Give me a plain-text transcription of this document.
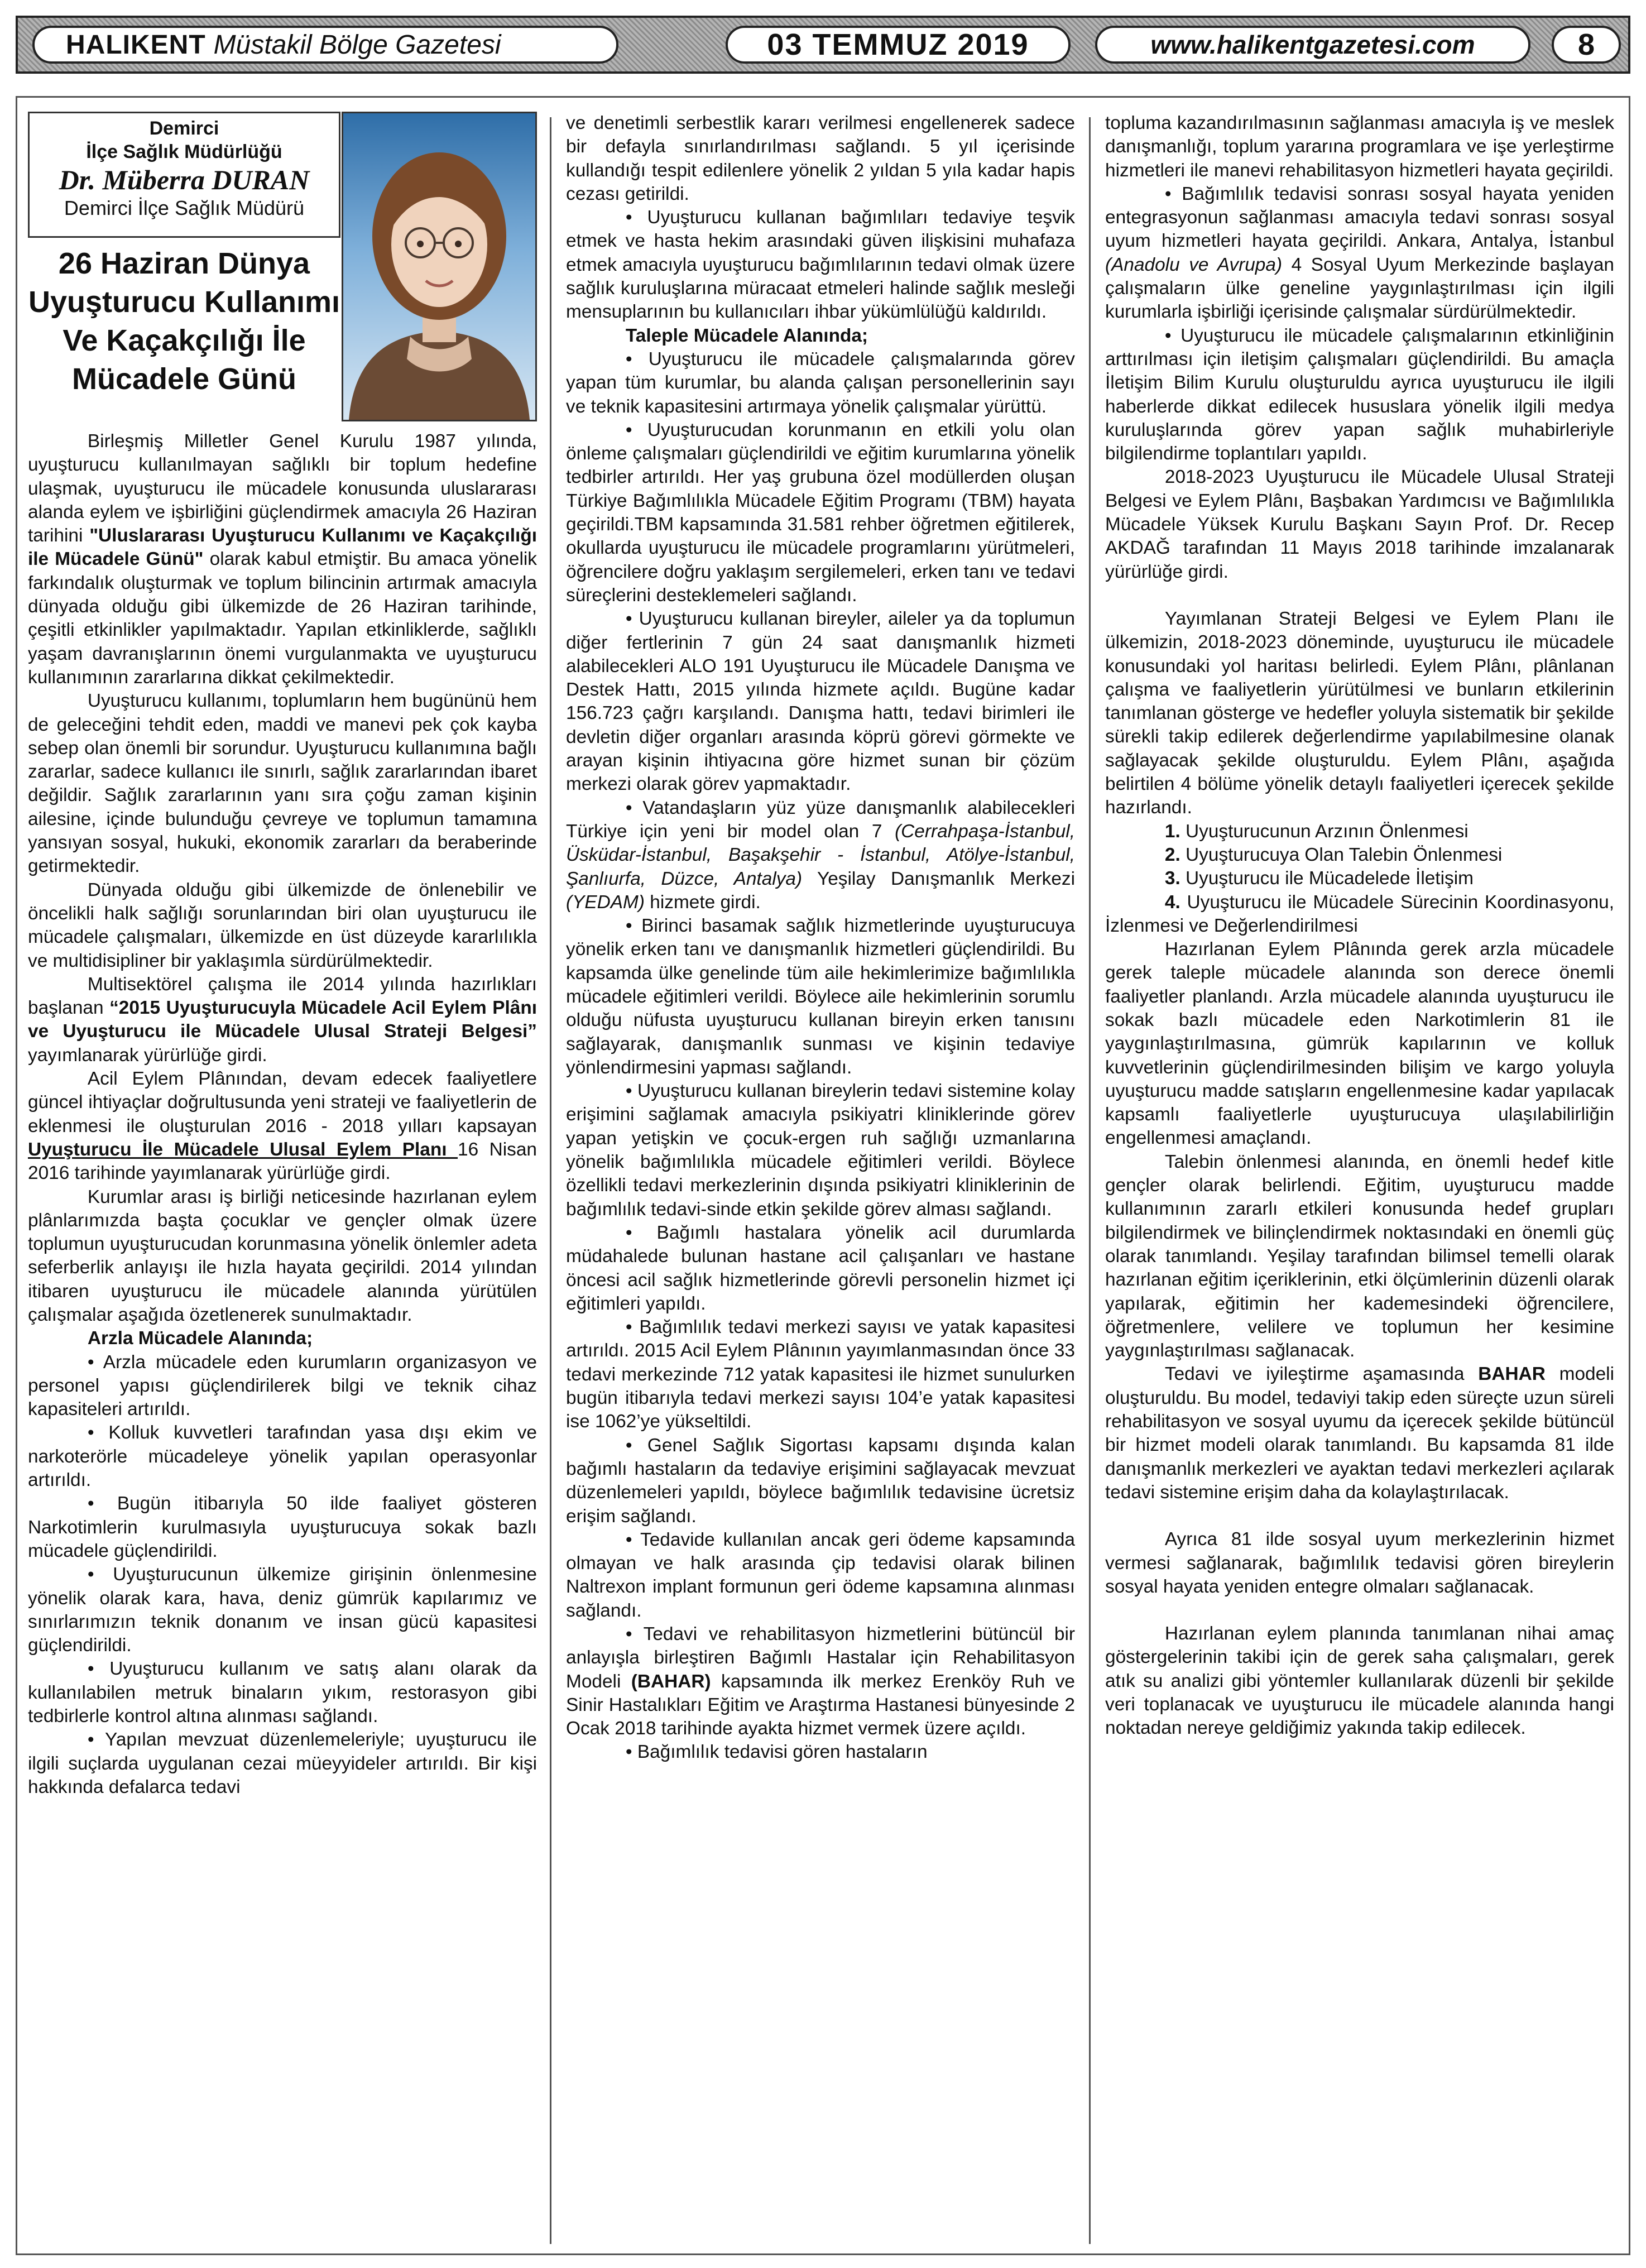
HALIKENT Müstakil Bölge Gazetesi	03 TEMMUZ 2019	www.halikentgazetesi.com	8
Demirci
İlçe Sağlık Müdürlüğü
Dr. Müberra DURAN
Demirci İlçe Sağlık Müdürü
26 Haziran Dünya Uyuşturucu Kullanımı Ve Kaçakçılığı İle Mücadele Günü

Birleşmiş Milletler Genel Kurulu 1987 yılında, uyuşturucu kullanılmayan sağlıklı bir toplum hedefine ulaşmak, uyuşturucu ile mücadele konusunda uluslararası alanda eylem ve işbirliğini güçlendirmek amacıyla 26 Haziran tarihini "Uluslararası Uyuşturucu Kullanımı ve Kaçakçılığı ile Mücadele Günü" olarak kabul etmiştir. Bu amaca yönelik farkındalık oluşturmak ve toplum bilincinin artırmak amacıyla dünyada olduğu gibi ülkemizde de 26 Haziran tarihinde, çeşitli etkinlikler yapılmaktadır. Yapılan etkinliklerde, sağlıklı yaşam davranışlarının önemi vurgulanmakta ve uyuşturucu kullanımının zararlarına dikkat çekilmektedir.

Uyuşturucu kullanımı, toplumların hem bugününü hem de geleceğini tehdit eden, maddi ve manevi pek çok kayba sebep olan önemli bir sorundur. Uyuşturucu kullanımına bağlı zararlar, sadece kullanıcı ile sınırlı, sağlık zararlarından ibaret değildir. Sağlık zararlarının yanı sıra çoğu zaman kişinin ailesine, içinde bulunduğu çevreye ve toplumun tamamına yansıyan sosyal, hukuki, ekonomik zararları da beraberinde getirmektedir.

Dünyada olduğu gibi ülkemizde de önlenebilir ve öncelikli halk sağlığı sorunlarından biri olan uyuşturucu ile mücadele çalışmaları, ülkemizde en üst düzeyde kararlılıkla ve multidisipliner bir yaklaşımla sürdürülmektedir.

Multisektörel çalışma ile 2014 yılında hazırlıkları başlanan “2015 Uyuşturucuyla Mücadele Acil Eylem Plânı ve Uyuşturucu ile Mücadele Ulusal Strateji Belgesi” yayımlanarak yürürlüğe girdi.

Acil Eylem Plânından, devam edecek faaliyetlere güncel ihtiyaçlar doğrultusunda yeni strateji ve faaliyetlerin de eklenmesi ile oluşturulan 2016 - 2018 yılları kapsayan Uyuşturucu İle Mücadele Ulusal Eylem Planı 16 Nisan 2016 tarihinde yayımlanarak yürürlüğe girdi.

Kurumlar arası iş birliği neticesinde hazırlanan eylem plânlarımızda başta çocuklar ve gençler olmak üzere toplumun uyuşturucudan korunmasına yönelik önlemler adeta seferberlik anlayışı ile hızla hayata geçirildi. 2014 yılından itibaren uyuşturucu ile mücadele alanında yürütülen çalışmalar aşağıda özetlenerek sunulmaktadır.

Arzla Mücadele Alanında;

• Arzla mücadele eden kurumların organizasyon ve personel yapısı güçlendirilerek bilgi ve teknik cihaz kapasiteleri artırıldı.

• Kolluk kuvvetleri tarafından yasa dışı ekim ve narkoterörle mücadeleye yönelik yapılan operasyonlar artırıldı.

• Bugün itibarıyla 50 ilde faaliyet gösteren Narkotimlerin kurulmasıyla uyuşturucuya sokak bazlı mücadele güçlendirildi.

• Uyuşturucunun ülkemize girişinin önlenmesine yönelik olarak kara, hava, deniz gümrük kapılarımız ve sınırlarımızın teknik donanım ve insan gücü kapasitesi güçlendirildi.

• Uyuşturucu kullanım ve satış alanı olarak da kullanılabilen metruk binaların yıkım, restorasyon gibi tedbirlerle kontrol altına alınması sağlandı.

• Yapılan mevzuat düzenlemeleriyle; uyuşturucu ile ilgili suçlarda uygulanan cezai müeyyideler artırıldı. Bir kişi hakkında defalarca tedavi

ve denetimli serbestlik kararı verilmesi engellenerek sadece bir defayla sınırlandırılması sağlandı. 5 yıl içerisinde kullandığı tespit edilenlere yönelik 2 yıldan 5 yıla kadar hapis cezası getirildi.

• Uyuşturucu kullanan bağımlıları tedaviye teşvik etmek ve hasta hekim arasındaki güven ilişkisini muhafaza etmek amacıyla uyuşturucu bağımlılarının tedavi olmak üzere sağlık kuruluşlarına müracaat etmeleri halinde sağlık mesleği mensuplarının bu kullanıcıları ihbar yükümlülüğü kaldırıldı.

Taleple Mücadele Alanında;

• Uyuşturucu ile mücadele çalışmalarında görev yapan tüm kurumlar, bu alanda çalışan personellerinin sayı ve teknik kapasitesini artırmaya yönelik çalışmalar yürüttü.

• Uyuşturucudan korunmanın en etkili yolu olan önleme çalışmaları güçlendirildi ve eğitim kurumlarına yönelik tedbirler artırıldı. Her yaş grubuna özel modüllerden oluşan Türkiye Bağımlılıkla Mücadele Eğitim Programı (TBM) hayata geçirildi.TBM kapsamında 31.581 rehber öğretmen eğitilerek, okullarda uyuşturucu ile mücadele programlarını yürütmeleri, öğrencilere doğru yaklaşım sergilemeleri, erken tanı ve tedavi süreçlerini desteklemeleri sağlandı.

• Uyuşturucu kullanan bireyler, aileler ya da toplumun diğer fertlerinin 7 gün 24 saat danışmanlık hizmeti alabilecekleri ALO 191 Uyuşturucu ile Mücadele Danışma ve Destek Hattı, 2015 yılında hizmete açıldı. Bugüne kadar 156.723 çağrı karşılandı. Danışma hattı, tedavi birimleri ile devletin diğer organları arasında köprü görevi görmekte ve arayan kişinin ihtiyacına göre hizmet sunan bir çözüm merkezi olarak görev yapmaktadır.

• Vatandaşların yüz yüze danışmanlık alabilecekleri Türkiye için yeni bir model olan 7 (Cerrahpaşa-İstanbul, Üsküdar-İstanbul, Başakşehir - İstanbul, Atölye-İstanbul, Şanlıurfa, Düzce, Antalya) Yeşilay Danışmanlık Merkezi (YEDAM) hizmete girdi.

• Birinci basamak sağlık hizmetlerinde uyuşturucuya yönelik erken tanı ve danışmanlık hizmetleri güçlendirildi. Bu kapsamda ülke genelinde tüm aile hekimlerimize bağımlılıkla mücadele eğitimleri verildi. Böylece aile hekimlerinin sorumlu olduğu nüfusta uyuşturucu kullanan bireyin erken tanısını sağlayarak, danışmanlık sunması ve kişinin tedaviye yönlendirmesini yapması sağlandı.

• Uyuşturucu kullanan bireylerin tedavi sistemine kolay erişimini sağlamak amacıyla psikiyatri kliniklerinde görev yapan yetişkin ve çocuk-ergen ruh sağlığı uzmanlarına yönelik bağımlılıkla mücadele eğitimleri verildi. Böylece özellikli tedavi merkezlerinin dışında psikiyatri kliniklerinin de bağımlılık tedavi-sinde etkin şekilde görev alması sağlandı.

• Bağımlı hastalara yönelik acil durumlarda müdahalede bulunan hastane acil çalışanları ve hastane öncesi acil sağlık hizmetlerinde görevli personelin hizmet içi eğitimleri yapıldı.

• Bağımlılık tedavi merkezi sayısı ve yatak kapasitesi artırıldı. 2015 Acil Eylem Plânının yayımlanmasından önce 33 tedavi merkezinde 712 yatak kapasitesi ile hizmet sunulurken bugün itibarıyla tedavi merkezi sayısı 104’e yatak kapasitesi ise 1062’ye yükseltildi.

• Genel Sağlık Sigortası kapsamı dışında kalan bağımlı hastaların da tedaviye erişimini sağlayacak mevzuat düzenlemeleri yapıldı, böylece bağımlılık tedavisine ücretsiz erişim sağlandı.

• Tedavide kullanılan ancak geri ödeme kapsamında olmayan ve halk arasında çip tedavisi olarak bilinen Naltrexon implant formunun geri ödeme kapsamına alınması sağlandı.

• Tedavi ve rehabilitasyon hizmetlerini bütüncül bir anlayışla birleştiren Bağımlı Hastalar için Rehabilitasyon Modeli (BAHAR) kapsamında ilk merkez Erenköy Ruh ve Sinir Hastalıkları Eğitim ve Araştırma Hastanesi bünyesinde 2 Ocak 2018 tarihinde ayakta hizmet vermek üzere açıldı.

• Bağımlılık tedavisi gören hastaların

topluma kazandırılmasının sağlanması amacıyla iş ve meslek danışmanlığı, toplum yararına programlara ve işe yerleştirme hizmetleri ile manevi rehabilitasyon hizmetleri hayata geçirildi.

• Bağımlılık tedavisi sonrası sosyal hayata yeniden entegrasyonun sağlanması amacıyla tedavi sonrası sosyal uyum hizmetleri hayata geçirildi. Ankara, Antalya, İstanbul (Anadolu ve Avrupa) 4 Sosyal Uyum Merkezinde başlayan çalışmaların ülke geneline yaygınlaştırılması için ilgili kurumlarla işbirliği içerisinde çalışmalar sürdürülmektedir.

• Uyuşturucu ile mücadele çalışmalarının etkinliğinin arttırılması için iletişim çalışmaları güçlendirildi. Bu amaçla İletişim Bilim Kurulu oluşturuldu ayrıca uyuşturucu ile ilgili haberlerde dikkat edilecek hususlara yönelik ilgili medya kuruluşlarında görev yapan sağlık muhabirleriyle bilgilendirme toplantıları yapıldı.

2018-2023 Uyuşturucu ile Mücadele Ulusal Strateji Belgesi ve Eylem Plânı, Başbakan Yardımcısı ve Bağımlılıkla Mücadele Yüksek Kurulu Başkanı Sayın Prof. Dr. Recep AKDAĞ tarafından 11 Mayıs 2018 tarihinde imzalanarak yürürlüğe girdi.

Yayımlanan Strateji Belgesi ve Eylem Planı ile ülkemizin, 2018-2023 döneminde, uyuşturucu ile mücadele konusundaki yol haritası belirledi. Eylem Plânı, plânlanan çalışma ve faaliyetlerin yürütülmesi ve bunların etkilerinin tanımlanan gösterge ve hedefler yoluyla sistematik bir şekilde sürekli takip edilerek değerlendirme yapılabilmesine olanak sağlayacak şekilde oluşturuldu. Eylem Plânı, aşağıda belirtilen 4 bölüme yönelik detaylı faaliyetleri içerecek şekilde hazırlandı.

1. Uyuşturucunun Arzının Önlenmesi

2. Uyuşturucuya Olan Talebin Önlenmesi

3. Uyuşturucu ile Mücadelede İletişim

4. Uyuşturucu ile Mücadele Sürecinin Koordinasyonu, İzlenmesi ve Değerlendirilmesi

Hazırlanan Eylem Plânında gerek arzla mücadele gerek taleple mücadele alanında son derece önemli faaliyetler planlandı. Arzla mücadele alanında uyuşturucu ile sokak bazlı mücadele eden Narkotimlerin 81 ile yaygınlaştırılmasına, gümrük kapılarının ve kolluk kuvvetlerinin güçlendirilmesinden bilişim ve kargo yoluyla uyuşturucu madde satışların engellenmesine kadar yapılacak kapsamlı faaliyetlerle uyuşturucuya ulaşılabilirliğin engellenmesi amaçlandı.

Talebin önlenmesi alanında, en önemli hedef kitle gençler olarak belirlendi. Eğitim, uyuşturucu madde kullanımının zararlı etkileri konusunda hedef grupları bilgilendirmek ve bilinçlendirmek noktasındaki en önemli güç olarak tanımlandı. Yeşilay tarafından bilimsel temelli olarak hazırlanan eğitim içeriklerinin, etki ölçümlerinin düzenli olarak yapılarak, eğitimin her kademesindeki öğrencilere, öğretmenlere, velilere ve toplumun her kesimine yaygınlaştırılması sağlanacak.

Tedavi ve iyileştirme aşamasında BAHAR modeli oluşturuldu. Bu model, tedaviyi takip eden süreçte uzun süreli rehabilitasyon ve sosyal uyumu da içerecek şekilde bütüncül bir hizmet modeli olarak tanımlandı. Bu kapsamda 81 ilde danışmanlık merkezleri ve ayaktan tedavi merkezleri açılarak tedavi sistemine erişim daha da kolaylaştırılacak.

Ayrıca 81 ilde sosyal uyum merkezlerinin hizmet vermesi sağlanarak, bağımlılık tedavisi gören bireylerin sosyal hayata yeniden entegre olmaları sağlanacak.

Hazırlanan eylem planında tanımlanan nihai amaç göstergelerinin takibi için de gerek saha çalışmaları, gerek atık su analizi gibi yöntemler kullanılarak düzenli bir şekilde veri toplanacak ve uyuşturucu ile mücadele alanında hangi noktadan nereye geldiğimiz yakında takip edilecek.
